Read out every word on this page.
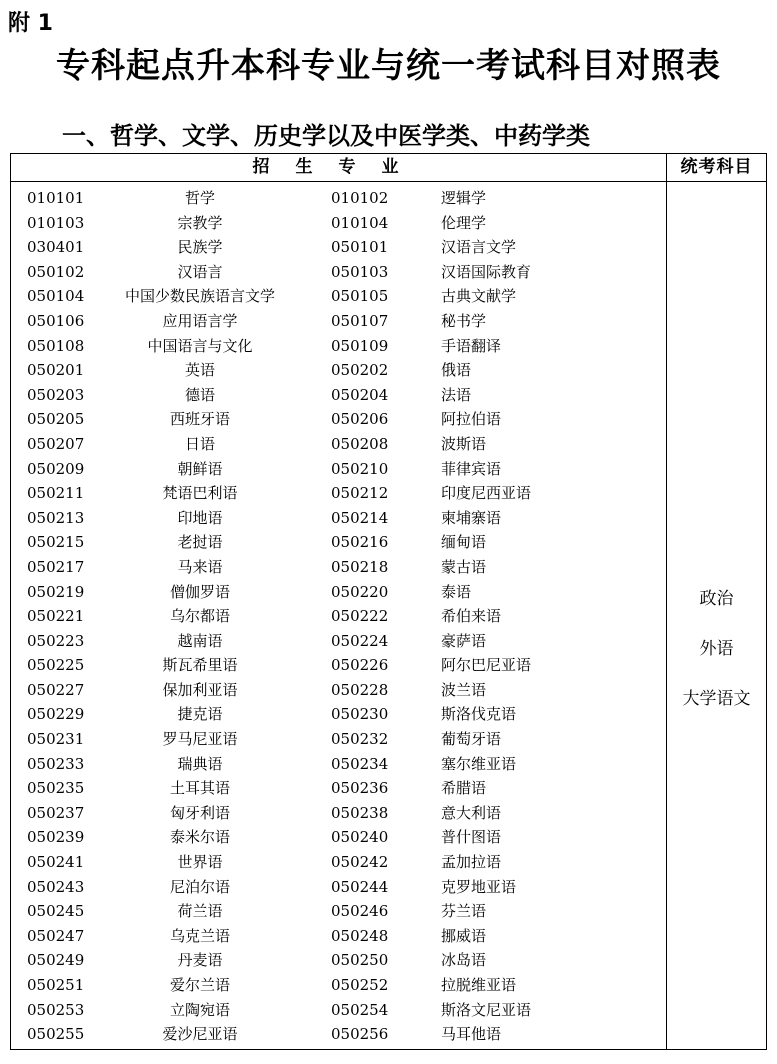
附 1
专科起点升本科专业与统一考试科目对照表
一、哲学、文学、历史学以及中医学类、中药学类
招生专业	统考科目
010101	哲学	010102	逻辑学
010103	宗教学	010104	伦理学
030401	民族学	050101	汉语言文学
050102	汉语言	050103	汉语国际教育
050104	中国少数民族语言文学	050105	古典文献学
050106	应用语言学	050107	秘书学
050108	中国语言与文化	050109	手语翻译
050201	英语	050202	俄语
050203	德语	050204	法语
050205	西班牙语	050206	阿拉伯语
050207	日语	050208	波斯语
050209	朝鲜语	050210	菲律宾语
050211	梵语巴利语	050212	印度尼西亚语
050213	印地语	050214	柬埔寨语
050215	老挝语	050216	缅甸语
050217	马来语	050218	蒙古语
050219	僧伽罗语	050220	泰语
050221	乌尔都语	050222	希伯来语
050223	越南语	050224	豪萨语
050225	斯瓦希里语	050226	阿尔巴尼亚语
050227	保加利亚语	050228	波兰语
050229	捷克语	050230	斯洛伐克语
050231	罗马尼亚语	050232	葡萄牙语
050233	瑞典语	050234	塞尔维亚语
050235	土耳其语	050236	希腊语
050237	匈牙利语	050238	意大利语
050239	泰米尔语	050240	普什图语
050241	世界语	050242	孟加拉语
050243	尼泊尔语	050244	克罗地亚语
050245	荷兰语	050246	芬兰语
050247	乌克兰语	050248	挪威语
050249	丹麦语	050250	冰岛语
050251	爱尔兰语	050252	拉脱维亚语
050253	立陶宛语	050254	斯洛文尼亚语
050255	爱沙尼亚语	050256	马耳他语
政治
外语
大学语文
